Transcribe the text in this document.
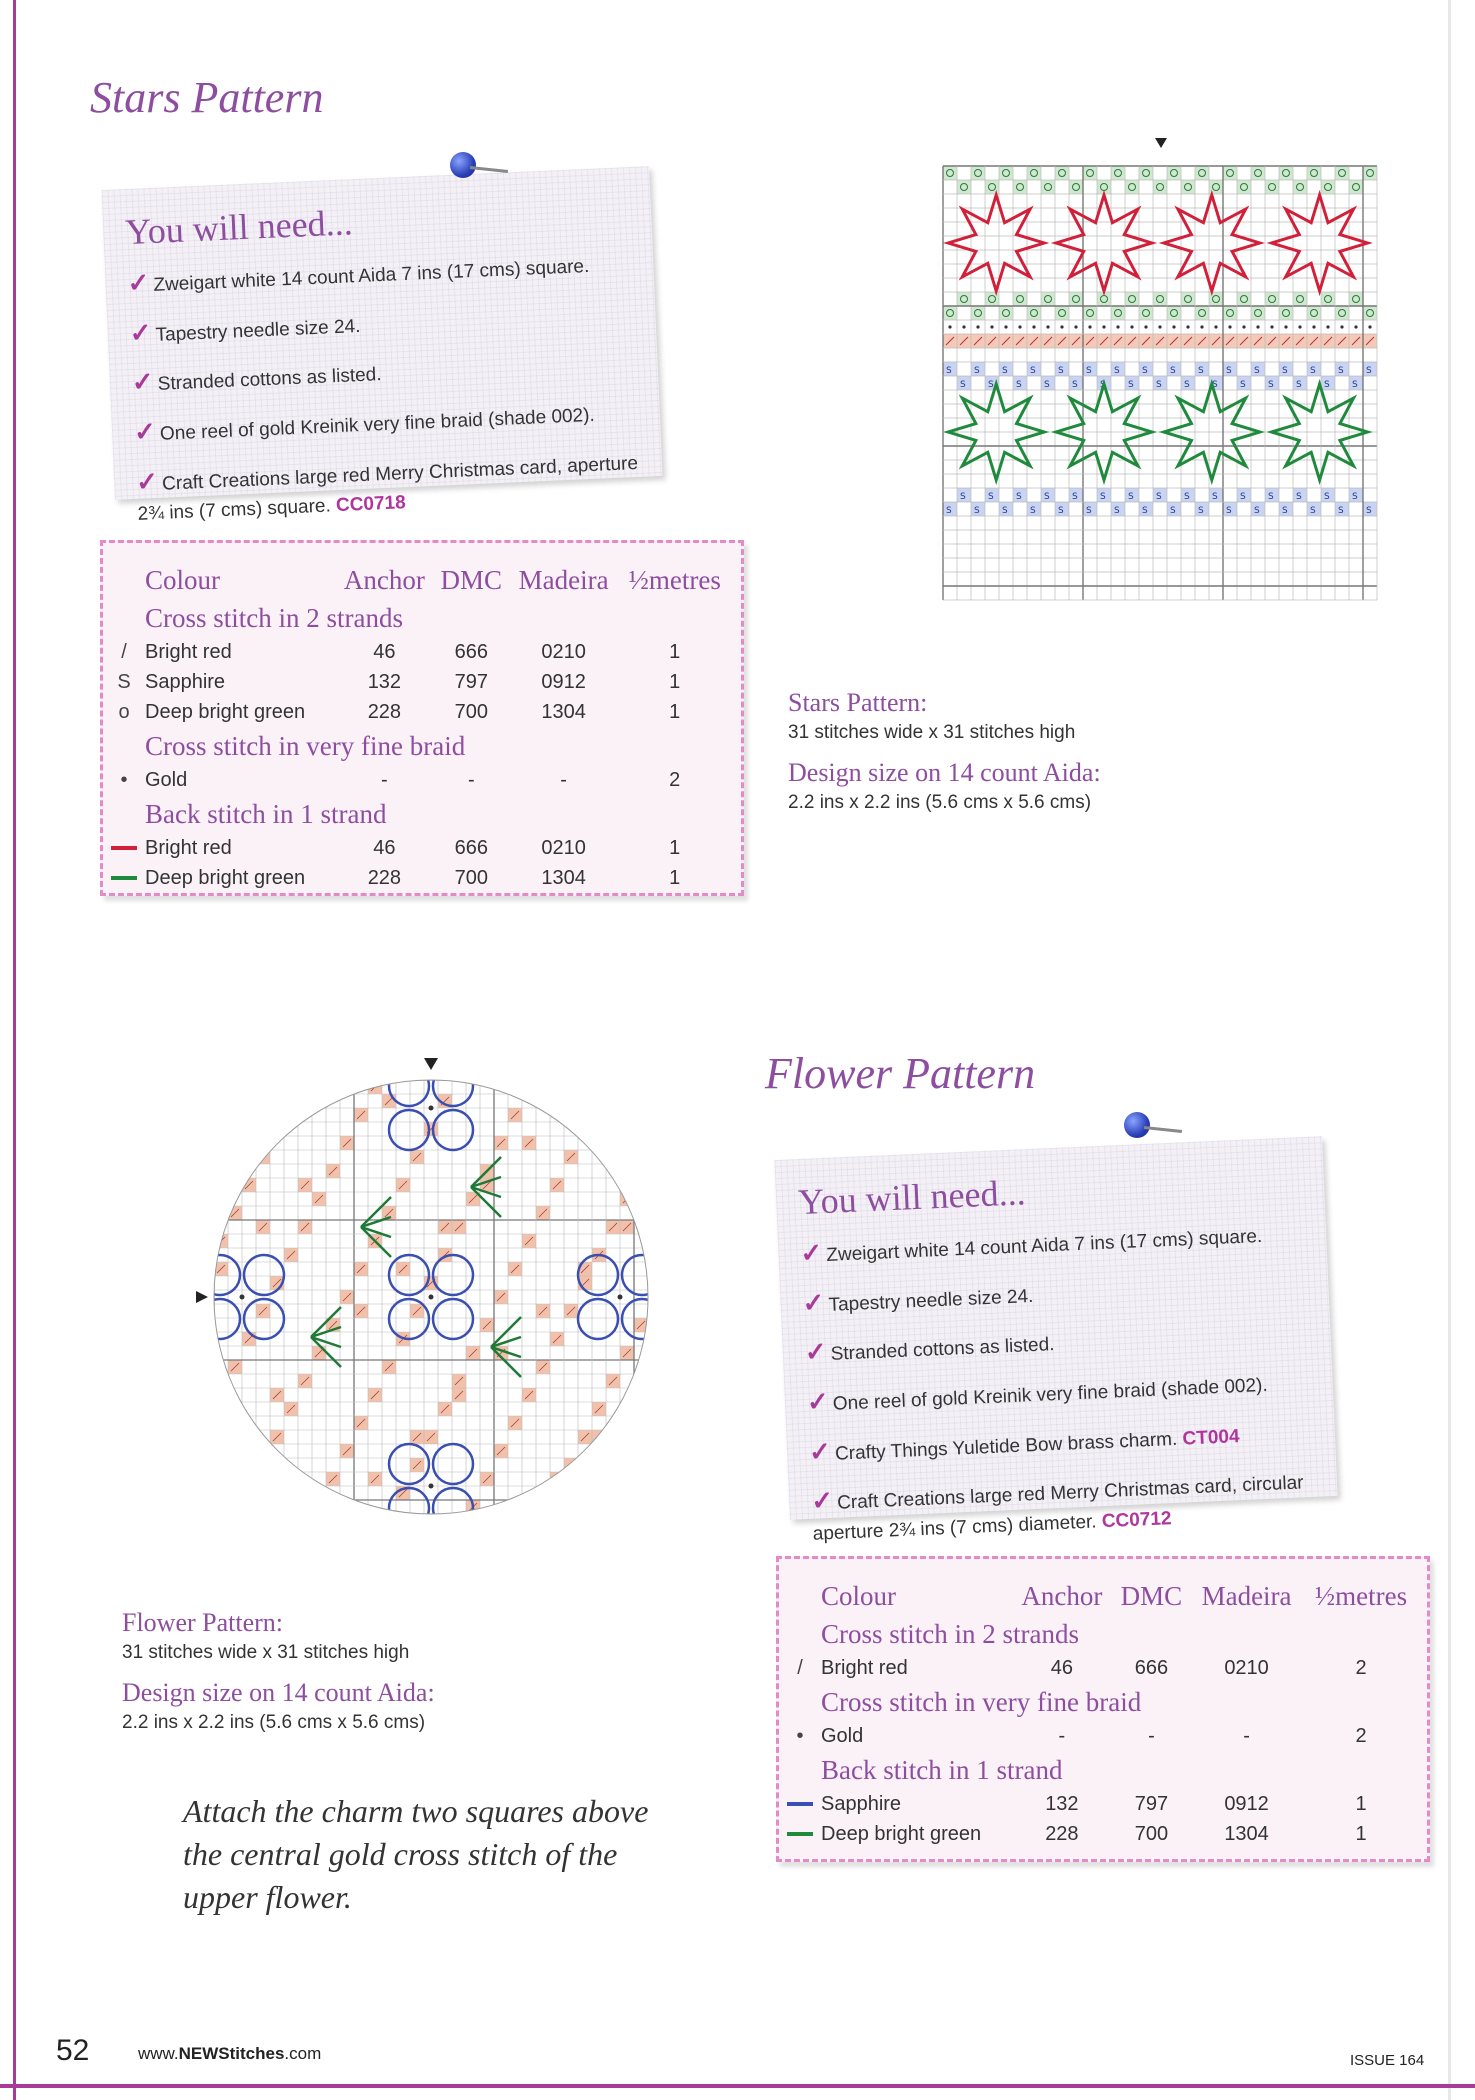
Stars Pattern
You will need...
✓ Zweigart white 14 count Aida 7 ins (17 cms) square.
✓ Tapestry needle size 24.
✓ Stranded cottons as listed.
✓ One reel of gold Kreinik very fine braid (shade 002).
✓ Craft Creations large red Merry Christmas card, aperture 2¾ ins (7 cms) square. CC0718
	Colour	Anchor	DMC	Madeira	½metres
	Cross stitch in 2 strands				
/	Bright red	46	666	0210	1
S	Sapphire	132	797	0912	1
o	Deep bright green	228	700	1304	1
	Cross stitch in very fine braid				
•	Gold	-	-	-	2
	Back stitch in 1 strand				
	Bright red	46	666	0210	1
	Deep bright green	228	700	1304	1
S S S S S S S S S S S S S S S S
S S S S S S S S S S S S S S S
S S S S S S S S S S S S S S S
S S S S S S S S S S S S S S S S

Stars Pattern:

31 stitches wide x 31 stitches high

Design size on 14 count Aida:

2.2 ins x 2.2 ins (5.6 cms x 5.6 cms)

Flower Pattern
You will need...
✓ Zweigart white 14 count Aida 7 ins (17 cms) square.
✓ Tapestry needle size 24.
✓ Stranded cottons as listed.
✓ One reel of gold Kreinik very fine braid (shade 002).
✓ Crafty Things Yuletide Bow brass charm. CT004
✓ Craft Creations large red Merry Christmas card, circular aperture 2¾ ins (7 cms) diameter. CC0712
	Colour	Anchor	DMC	Madeira	½metres
	Cross stitch in 2 strands				
/	Bright red	46	666	0210	2
	Cross stitch in very fine braid				
•	Gold	-	-	-	2
	Back stitch in 1 strand				
	Sapphire	132	797	0912	1
	Deep bright green	228	700	1304	1

Flower Pattern:

31 stitches wide x 31 stitches high

Design size on 14 count Aida:

2.2 ins x 2.2 ins (5.6 cms x 5.6 cms)

Attach the charm two squares above the central gold cross stitch of the upper flower.
52	www.NEWStitches.com	ISSUE 164
